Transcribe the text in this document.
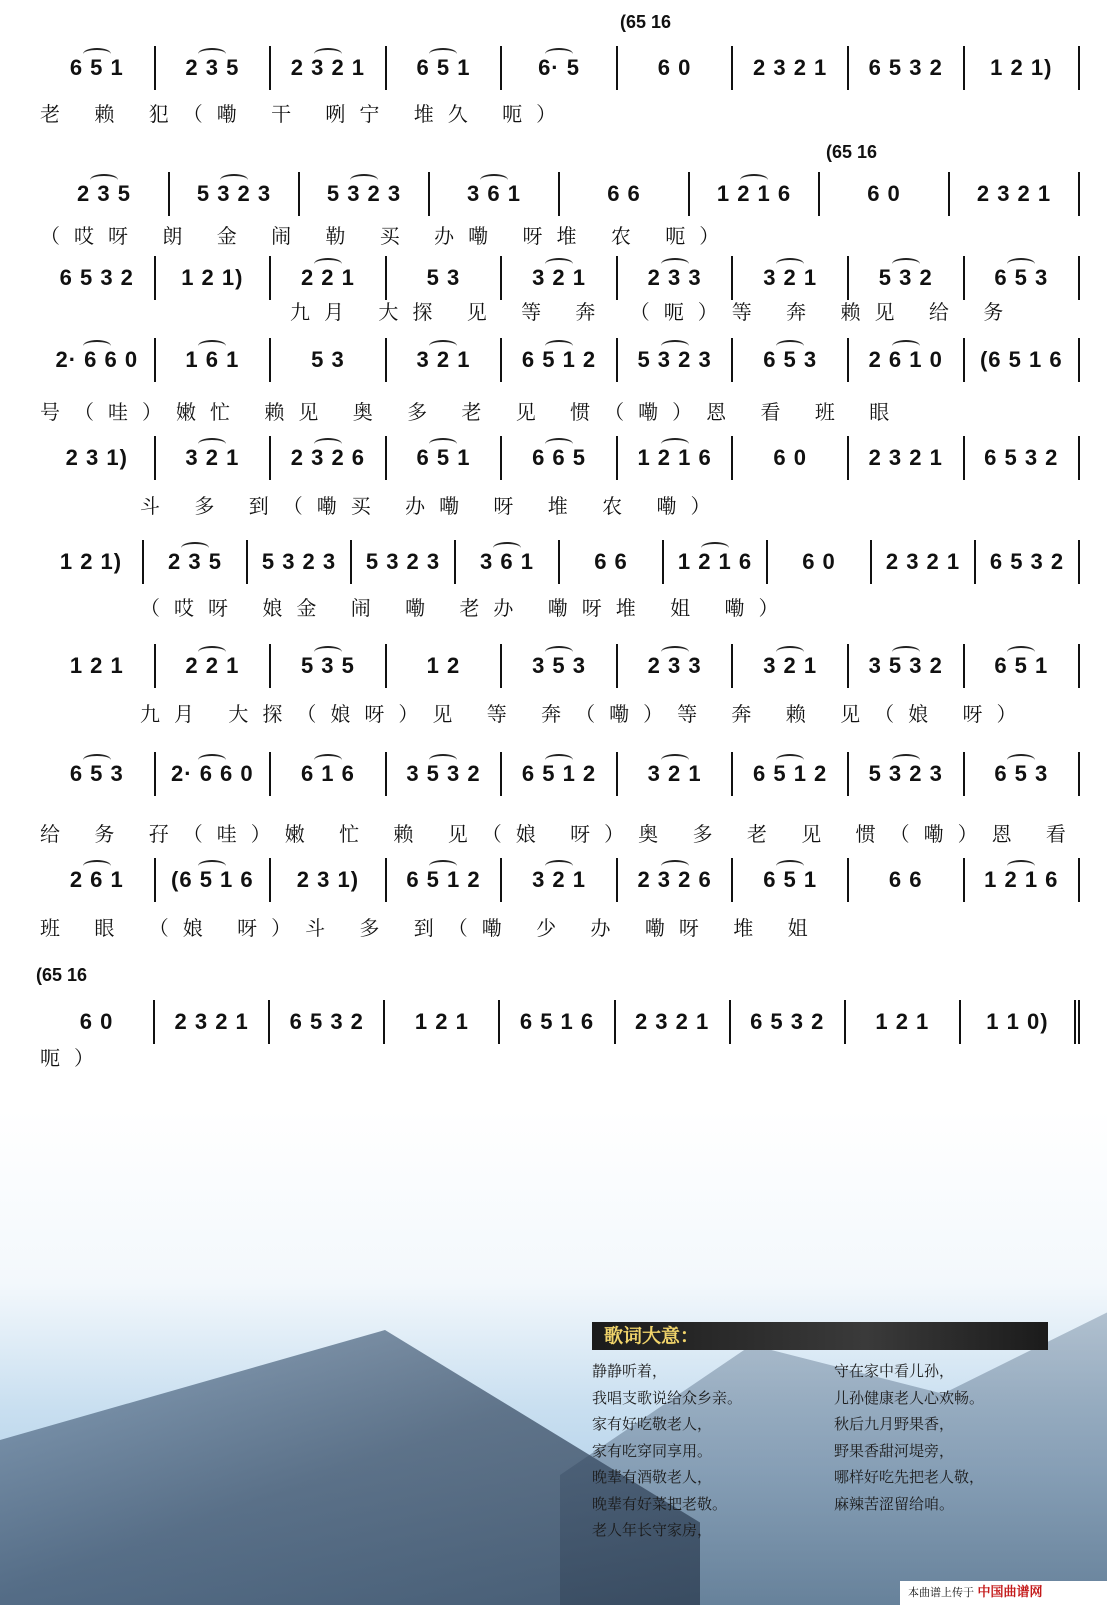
(65 16
(65 16
(65 16
6 5 1	2 3 5	2 3 2 1	6 5 1	6· 5	6 0	2 3 2 1	6 5 3 2	1 2 1)
老 赖 犯（嘞 干 咧宁 堆久 呃）
2 3 5	5 3 2 3	5 3 2 3	3 6 1	6 6	1 2 1 6	6 0	2 3 2 1
（哎呀 朗 金 闹 勒 买 办嘞 呀堆 农 呃）
6 5 3 2	1 2 1)	2 2 1	5 3	3 2 1	2 3 3	3 2 1	5 3 2	6 5 3
九月 大探 见 等 奔 （呃）等 奔 赖见 给 务
2· 6 6 0	1 6 1	5 3	3 2 1	6 5 1 2	5 3 2 3	6 5 3	2 6 1 0	(6 5 1 6
号（哇）嫩忙 赖见 奥 多 老 见 惯（嘞）恩 看 班 眼
2 3 1)	3 2 1	2 3 2 6	6 5 1	6 6 5	1 2 1 6	6 0	2 3 2 1	6 5 3 2
斗 多 到（嘞买 办嘞 呀 堆 农 嘞）
1 2 1)	2 3 5	5 3 2 3	5 3 2 3	3 6 1	6 6	1 2 1 6	6 0	2 3 2 1	6 5 3 2
（哎呀 娘金 闹 嘞 老办 嘞呀堆 姐 嘞）
1 2 1	2 2 1	5 3 5	1 2	3 5 3	2 3 3	3 2 1	3 5 3 2	6 5 1
九月 大探（娘呀）见 等 奔（嘞）等 奔 赖 见（娘 呀）
6 5 3	2· 6 6 0	6 1 6	3 5 3 2	6 5 1 2	3 2 1	6 5 1 2	5 3 2 3	6 5 3
给 务 孖（哇）嫩 忙 赖 见（娘 呀）奥 多 老 见 惯（嘞）恩 看
2 6 1	(6 5 1 6	2 3 1)	6 5 1 2	3 2 1	2 3 2 6	6 5 1	6 6	1 2 1 6
班 眼 （娘 呀）斗 多 到（嘞 少 办 嘞呀 堆 姐
6 0	2 3 2 1	6 5 3 2	1 2 1	6 5 1 6	2 3 2 1	6 5 3 2	1 2 1	1 1 0)
呃）
歌词大意：
静静听着，
我唱支歌说给众乡亲。
家有好吃敬老人，
家有吃穿同享用。
晚辈有酒敬老人，
晚辈有好菜把老敬。
老人年长守家房，
守在家中看儿孙，
儿孙健康老人心欢畅。
秋后九月野果香，
野果香甜河堤旁，
哪样好吃先把老人敬，
麻辣苦涩留给咱。
本曲谱上传于 中国曲谱网
